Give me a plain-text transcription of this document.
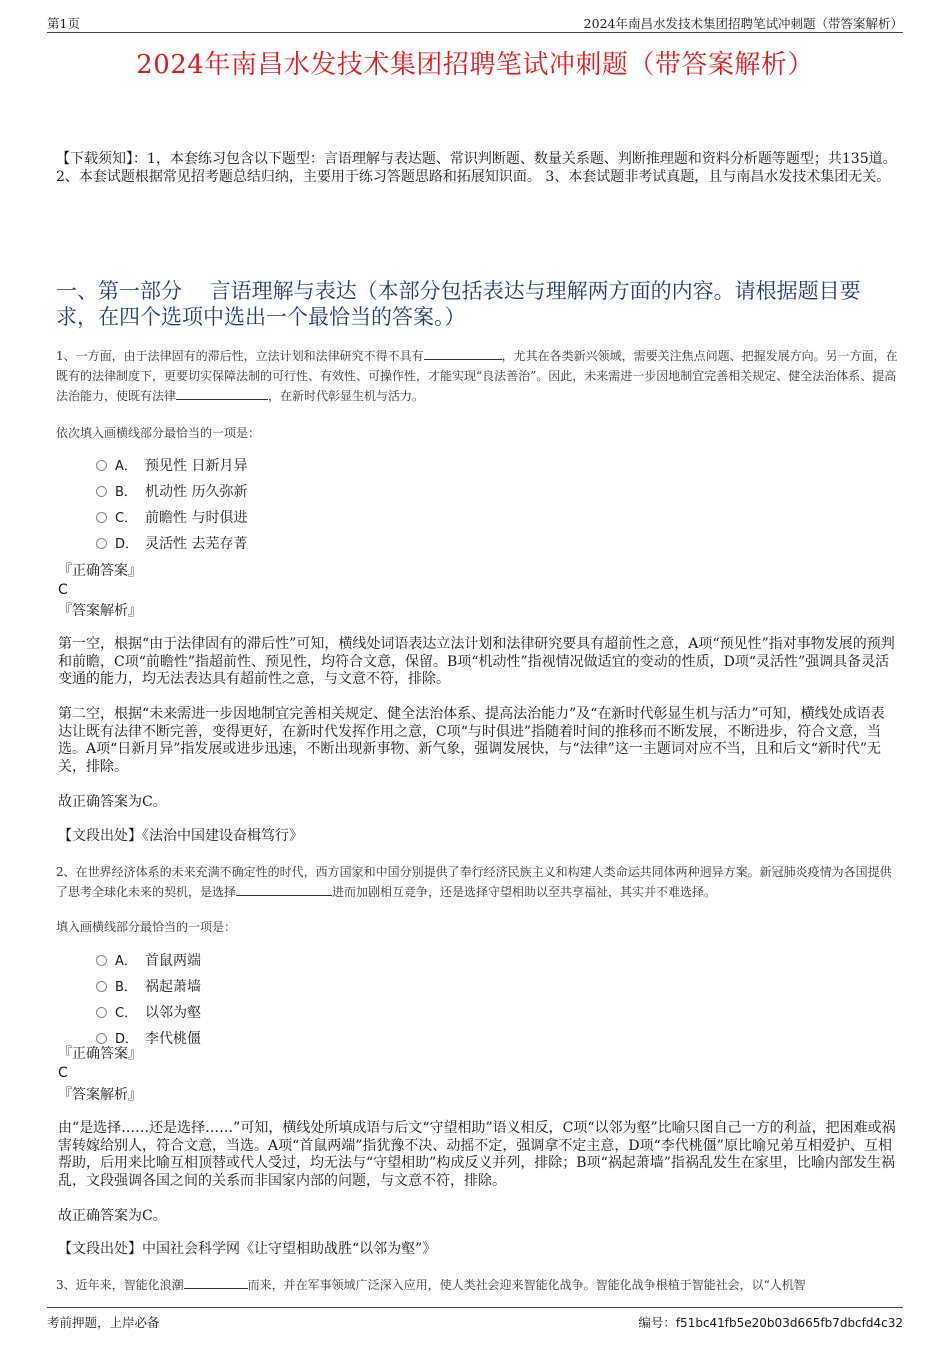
第1页	2024年南昌水发技术集团招聘笔试冲刺题（带答案解析）
2024年南昌水发技术集团招聘笔试冲刺题（带答案解析）
【下载须知】：1，本套练习包含以下题型：言语理解与表达题、常识判断题、数量关系题、判断推理题和资料分析题等题型；共135道。 2、本套试题根据常见招考题总结归纳，主要用于练习答题思路和拓展知识面。 3、本套试题非考试真题，且与南昌水发技术集团无关。
一、第一部分　 言语理解与表达（本部分包括表达与理解两方面的内容。请根据题目要求，在四个选项中选出一个最恰当的答案。）
1、一方面，由于法律固有的滞后性，立法计划和法律研究不得不具有	，尤其在各类新兴领域，需要关注焦点问题、把握发展方向。另一方面，在既有的法律制度下，更要切实保障法制的可行性、有效性、可操作性，才能实现“良法善治”。因此，未来需进一步因地制宜完善相关规定、健全法治体系、提高法治能力，使既有法律	，在新时代彰显生机与活力。
依次填入画横线部分最恰当的一项是：
A． 预见性 日新月异
B． 机动性 历久弥新
C． 前瞻性 与时俱进
D． 灵活性 去芜存菁
『正确答案』
C
『答案解析』
第一空，根据“由于法律固有的滞后性”可知，横线处词语表达立法计划和法律研究要具有超前性之意，A项“预见性”指对事物发展的预判和前瞻，C项“前瞻性”指超前性、预见性，均符合文意，保留。B项“机动性”指视情况做适宜的变动的性质，D项“灵活性”强调具备灵活变通的能力，均无法表达具有超前性之意，与文意不符，排除。
第二空，根据“未来需进一步因地制宜完善相关规定、健全法治体系、提高法治能力”及“在新时代彰显生机与活力”可知，横线处成语表达让既有法律不断完善，变得更好，在新时代发挥作用之意，C项“与时俱进”指随着时间的推移而不断发展，不断进步，符合文意，当选。A项“日新月异”指发展或进步迅速，不断出现新事物、新气象，强调发展快，与“法律”这一主题词对应不当，且和后文“新时代”无关，排除。
故正确答案为C。
【文段出处】《法治中国建设奋楫笃行》
2、在世界经济体系的未来充满不确定性的时代，西方国家和中国分别提供了奉行经济民族主义和构建人类命运共同体两种迥异方案。新冠肺炎疫情为各国提供了思考全球化未来的契机，是选择	进而加剧相互竞争，还是选择守望相助以至共享福祉，其实并不难选择。
填入画横线部分最恰当的一项是：
A． 首鼠两端
B． 祸起萧墙
C． 以邻为壑
D． 李代桃僵
『正确答案』
C
『答案解析』
由“是选择……还是选择……”可知，横线处所填成语与后文“守望相助”语义相反，C项“以邻为壑”比喻只图自己一方的利益，把困难或祸害转嫁给别人，符合文意，当选。A项“首鼠两端”指犹豫不决、动摇不定，强调拿不定主意，D项“李代桃僵”原比喻兄弟互相爱护、互相帮助，后用来比喻互相顶替或代人受过，均无法与“守望相助”构成反义并列，排除；B项“祸起萧墙”指祸乱发生在家里，比喻内部发生祸乱，文段强调各国之间的关系而非国家内部的问题，与文意不符，排除。
故正确答案为C。
【文段出处】中国社会科学网《让守望相助战胜“以邻为壑”》
3、近年来，智能化浪潮	而来，并在军事领域广泛深入应用，使人类社会迎来智能化战争。智能化战争根植于智能社会，以“人机智
考前押题，上岸必备	编号：f51bc41fb5e20b03d665fb7dbcfd4c32
